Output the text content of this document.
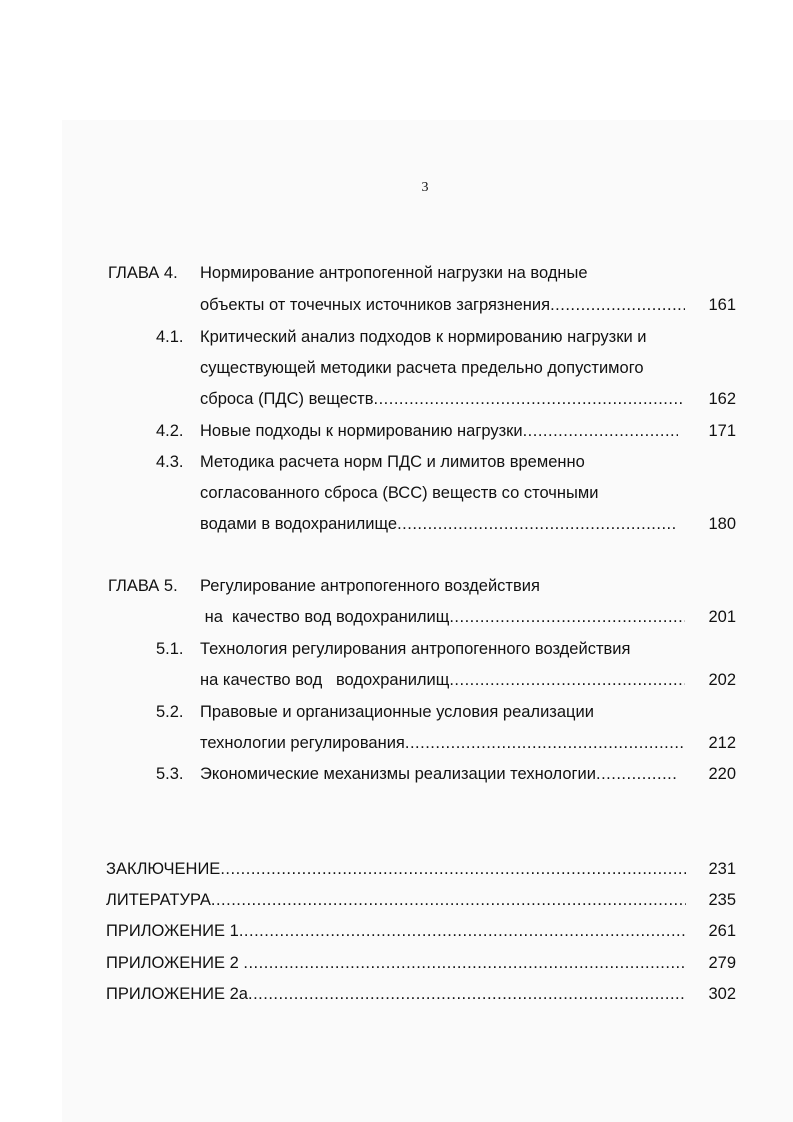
3
ГЛАВА 4. Нормирование антропогенной нагрузки на водные
объекты от точечных источников загрязнения .....	161
4.1. Критический анализ подходов к нормированию нагрузки и
существующей методики расчета предельно допустимого
сброса (ПДС) веществ .....	162
4.2. Новые подходы к нормированию нагрузки .....	171
4.3. Методика расчета норм ПДС и лимитов временно
согласованного сброса (ВСС) веществ со сточными
водами в водохранилище .....	180
ГЛАВА 5. Регулирование антропогенного воздействия
на  качество вод водохранилищ .....	201
5.1. Технология регулирования антропогенного воздействия
на качество вод   водохранилищ .....	202
5.2. Правовые и организационные условия реализации
технологии регулирования .....	212
5.3. Экономические механизмы реализации технологии .....	220
ЗАКЛЮЧЕНИЕ .....	231
ЛИТЕРАТУРА .....	235
ПРИЛОЖЕНИЕ 1 .....	261
ПРИЛОЖЕНИЕ 2 .....	279
ПРИЛОЖЕНИЕ 2а .....	302
